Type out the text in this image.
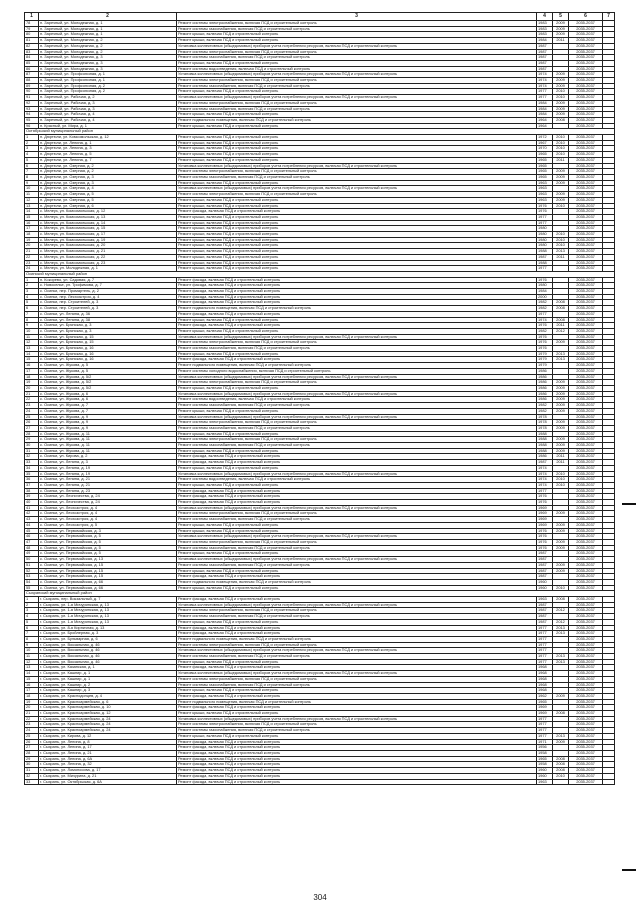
1	2	3	4	5	6	7
78	п. Заречный, ул. Молодежная, д. 1	Ремонт системы электроснабжения, включая ПСД и строительный контроль	1983	2009	2035-2037	
79	п. Заречный, ул. Молодежная, д. 1	Ремонт системы газоснабжения, включая ПСД и строительный контроль	1983	2009	2035-2037	
80	п. Заречный, ул. Молодежная, д. 1	Ремонт крыши, включая ПСД и строительный контроль	1983	2009	2035-2037	
81	п. Заречный, ул. Молодежная, д. 2	Ремонт крыши, включая ПСД и строительный контроль	1984	2011	2035-2037	
82	п. Заречный, ул. Молодежная, д. 2	Установка коллективных (общедомовых) приборов учета потребления ресурсов, включая ПСД и строительный контроль	1987		2035-2037	
83	п. Заречный, ул. Молодежная, д. 2	Ремонт системы электроснабжения, включая ПСД и строительный контроль	1987		2035-2037	
84	п. Заречный, ул. Молодежная, д. 3	Ремонт системы газоснабжения, включая ПСД и строительный контроль	1987		2035-2037	
85	п. Заречный, ул. Молодежная, д. 3	Ремонт крыши, включая ПСД и строительный контроль	1987		2035-2037	
86	п. Заречный, ул. Молодежная, д. 3	Ремонт системы водоотведения, включая ПСД и строительный контроль	1987		2035-2037	
87	п. Заречный, ул. Профсоюзная, д. 1	Установка коллективных (общедомовых) приборов учета потребления ресурсов, включая ПСД и строительный контроль	1974	2009	2035-2037	
88	п. Заречный, ул. Профсоюзная, д. 1	Ремонт системы электроснабжения, включая ПСД и строительный контроль	1974	2009	2035-2037	
89	п. Заречный, ул. Профсоюзная, д. 2	Ремонт системы газоснабжения, включая ПСД и строительный контроль	1974	2009	2035-2037	
90	п. Заречный, ул. Профсоюзная, д. 2	Ремонт крыши, включая ПСД и строительный контроль	1977	2010	2035-2037	
91	п. Заречный, ул. Рабочая, д. 2	Установка коллективных (общедомовых) приборов учета потребления ресурсов, включая ПСД и строительный контроль	1977	2010	2035-2037	
92	п. Заречный, ул. Рабочая, д. 3	Ремонт системы электроснабжения, включая ПСД и строительный контроль	1984	2009	2035-2037	
93	п. Заречный, ул. Рабочая, д. 3	Ремонт системы газоснабжения, включая ПСД и строительный контроль	1984	2009	2035-2037	
94	п. Заречный, ул. Рабочая, д. 4	Ремонт крыши, включая ПСД и строительный контроль	1984	2009	2035-2037	
95	п. Заречный, ул. Рабочая, д. 4	Ремонт подвального помещения, включая ПСД и строительный контроль	1964	2008	2035-2037	
96	п. Красный, ул. Мира, д. 1	Ремонт крыши, включая ПСД и строительный контроль	1964		2035-2037	
Октябрьский муниципальный район						
1	п. Дюртюли, ул. Комсомольская, д. 12	Ремонт крыши, включая ПСД и строительный контроль	1972	2010	2035-2037	
2	п. Дюртюли, ул. Ленина, д. 1	Ремонт крыши, включая ПСД и строительный контроль	1967	2010	2035-2037	
3	п. Дюртюли, ул. Ленина, д. 3	Ремонт крыши, включая ПСД и строительный контроль	1970	2010	2035-2037	
4	п. Дюртюли, ул. Ленина, д. 5	Ремонт крыши, включая ПСД и строительный контроль	1965	2010	2035-2037	
5	п. Дюртюли, ул. Ленина, д. 7	Ремонт крыши, включая ПСД и строительный контроль	1965	2011	2035-2037	
6	п. Дюртюли, ул. Озерная, д. 2	Установка коллективных (общедомовых) приборов учета потребления ресурсов, включая ПСД и строительный контроль	1965		2035-2037	
7	п. Дюртюли, ул. Озерная, д. 2	Ремонт системы электроснабжения, включая ПСД и строительный контроль	1965	2009	2035-2037	
8	п. Дюртюли, ул. Озерная, д. 3	Ремонт системы газоснабжения, включая ПСД и строительный контроль	1965	2009	2035-2037	
9	п. Дюртюли, ул. Озерная, д. 3	Ремонт крыши, включая ПСД и строительный контроль	1963	2009	2035-2037	
10	п. Дюртюли, ул. Озерная, д. 4	Установка коллективных (общедомовых) приборов учета потребления ресурсов, включая ПСД и строительный контроль	1963		2035-2037	
11	п. Дюртюли, ул. Озерная, д. 5	Ремонт системы электроснабжения, включая ПСД и строительный контроль	1963	2009	2035-2037	
12	п. Дюртюли, ул. Озерная, д. 5	Ремонт крыши, включая ПСД и строительный контроль	1963	2009	2035-2037	
13	п. Дюртюли, ул. Озерная, д. 6	Ремонт крыши, включая ПСД и строительный контроль	1976	2010	2035-2037	
14	с. Мелеуз, ул. Комсомольская, д. 12	Ремонт фасада, включая ПСД и строительный контроль	1976		2035-2037	
15	с. Мелеуз, ул. Комсомольская, д. 13	Ремонт крыши, включая ПСД и строительный контроль	1977		2035-2037	
16	с. Мелеуз, ул. Комсомольская, д. 14	Ремонт крыши, включая ПСД и строительный контроль	1977		2035-2037	
17	с. Мелеуз, ул. Комсомольская, д. 15	Ремонт крыши, включая ПСД и строительный контроль	1980		2035-2037	
18	с. Мелеуз, ул. Комсомольская, д. 17	Ремонт крыши, включая ПСД и строительный контроль	1980	2010	2035-2037	
19	с. Мелеуз, ул. Комсомольская, д. 19	Ремонт крыши, включая ПСД и строительный контроль	1980	2010	2035-2037	
20	с. Мелеуз, ул. Комсомольская, д. 20	Ремонт крыши, включая ПСД и строительный контроль	1980	2010	2035-2037	
21	с. Мелеуз, ул. Комсомольская, д. 21	Ремонт крыши, включая ПСД и строительный контроль	1988	2013	2035-2037	
22	с. Мелеуз, ул. Комсомольская, д. 22	Ремонт крыши, включая ПСД и строительный контроль	1987	2011	2035-2037	
23	с. Мелеуз, ул. Комсомольская, д. 23	Ремонт крыши, включая ПСД и строительный контроль	1988		2035-2037	
24	с. Мелеуз, ул. Молодежная, д. 1	Ремонт крыши, включая ПСД и строительный контроль	1977		2035-2037	
Осинский муниципальный район						
1	п. Кокорево, ул. Садовая, д. 7	Ремонт фасада, включая ПСД и строительный контроль	1976		2035-2037	
2	с. Новоселье, ул. Трофимова, д. 7	Ремонт фасада, включая ПСД и строительный контроль	1980		2035-2037	
3	с. Осинки, пер. Промартель, д. 2	Ремонт фасада, включая ПСД и строительный контроль	1984		2035-2037	
4	с. Осинки, пер. Лесхозстроя, д. 4	Ремонт фасада, включая ПСД и строительный контроль	2000		2035-2037	
5	с. Осинки, пер. Строителей, д. 3	Ремонт фасада, включая ПСД и строительный контроль	1982	2008	2035-2037	
6	с. Осинки, пер. Строителей, д. 3	Ремонт подвального помещения, включая ПСД и строительный контроль	1982	2008	2035-2037	
7	с. Осинки, ул. Ленина, д. 36	Ремонт фасада, включая ПСД и строительный контроль	1977		2035-2037	
8	с. Осинки, ул. Ленина, д. 38	Ремонт крыши, включая ПСД и строительный контроль	1974	2008	2035-2037	
9	с. Осинки, ул. Брянская, д. 3	Ремонт фасада, включая ПСД и строительный контроль	1976	2011	2035-2037	
10	с. Осинки, ул. Брянская, д. 3	Ремонт крыши, включая ПСД и строительный контроль	1982	2012	2035-2037	
11	с. Осинки, ул. Брянская, д. 15	Установка коллективных (общедомовых) приборов учета потребления ресурсов, включая ПСД и строительный контроль	1976		2035-2037	
12	с. Осинки, ул. Брянская, д. 15	Ремонт системы электроснабжения, включая ПСД и строительный контроль	1976	2009	2035-2037	
13	с. Осинки, ул. Брянская, д. 16	Ремонт системы газоснабжения, включая ПСД и строительный контроль	1976		2035-2037	
14	с. Осинки, ул. Брянская, д. 16	Ремонт крыши, включая ПСД и строительный контроль	1979	2013	2035-2037	
15	с. Осинки, ул. Брянская, д. 16	Ремонт фасада, включая ПСД и строительный контроль	1979	2013	2035-2037	
16	с. Осинки, ул. Жукова, д. 5	Ремонт подвального помещения, включая ПСД и строительный контроль	1979		2035-2037	
17	с. Осинки, ул. Жукова, д. 5	Ремонт системы холодного водоснабжения, включая ПСД и строительный контроль	1986		2035-2037	
18	с. Осинки, ул. Жукова, д. 5/2	Установка коллективных (общедомовых) приборов учета потребления ресурсов, включая ПСД и строительный контроль	1986		2035-2037	
19	с. Осинки, ул. Жукова, д. 5/2	Ремонт системы электроснабжения, включая ПСД и строительный контроль	1986	2009	2035-2037	
20	с. Осинки, ул. Жукова, д. 5/2	Ремонт крыши, включая ПСД и строительный контроль	1986	2009	2035-2037	
21	с. Осинки, ул. Жукова, д. 6	Установка коллективных (общедомовых) приборов учета потребления ресурсов, включая ПСД и строительный контроль	1986	2009	2035-2037	
22	с. Осинки, ул. Жукова, д. 6	Ремонт системы водоотведения, включая ПСД и строительный контроль	1986	2009	2035-2037	
23	с. Осинки, ул. Жукова, д. 7	Ремонт системы газоснабжения, включая ПСД и строительный контроль	1982	2009	2035-2037	
24	с. Осинки, ул. Жукова, д. 7	Ремонт крыши, включая ПСД и строительный контроль	1982	2009	2035-2037	
25	с. Осинки, ул. Жукова, д. 9	Установка коллективных (общедомовых) приборов учета потребления ресурсов, включая ПСД и строительный контроль	1978		2035-2037	
26	с. Осинки, ул. Жукова, д. 9	Ремонт системы электроснабжения, включая ПСД и строительный контроль	1978	2009	2035-2037	
27	с. Осинки, ул. Жукова, д. 9	Ремонт системы газоснабжения, включая ПСД и строительный контроль	1978	2009	2035-2037	
28	с. Осинки, ул. Жукова, д. 11	Ремонт крыши, включая ПСД и строительный контроль	1988		2035-2037	
29	с. Осинки, ул. Жукова, д. 11	Ремонт системы электроснабжения, включая ПСД и строительный контроль	1988	2009	2035-2037	
30	с. Осинки, ул. Жукова, д. 11	Ремонт системы газоснабжения, включая ПСД и строительный контроль	1988	2009	2035-2037	
31	с. Осинки, ул. Жукова, д. 11	Ремонт крыши, включая ПСД и строительный контроль	1988	2009	2035-2037	
32	с. Осинки, ул. Кирова, д. 2	Ремонт фасада, включая ПСД и строительный контроль	1986	2011	2035-2037	
33	с. Осинки, ул. Ленина, д. 3	Ремонт фасада, включая ПСД и строительный контроль	1987	2011	2035-2037	
34	с. Осинки, ул. Ленина, д. 19	Ремонт крыши, включая ПСД и строительный контроль	1974		2035-2037	
35	с. Осинки, ул. Ленина, д. 19	Установка коллективных (общедомовых) приборов учета потребления ресурсов, включая ПСД и строительный контроль	1974	2010	2035-2037	
36	с. Осинки, ул. Ленина, д. 21	Ремонт системы водоотведения, включая ПСД и строительный контроль	1974	2010	2035-2037	
37	с. Осинки, ул. Ленина, д. 21	Ремонт крыши, включая ПСД и строительный контроль	1974	2010	2035-2037	
38	с. Осинки, ул. Ленина, д. 23	Ремонт фасада, включая ПСД и строительный контроль	1977		2035-2037	
39	с. Осинки, ул. Лесничества, д. 24	Ремонт фасада, включая ПСД и строительный контроль	1976		2035-2037	
40	с. Осинки, ул. Лесничества, д. 24	Ремонт фасада, включая ПСД и строительный контроль	1976		2035-2037	
41	с. Осинки, ул. Лесхозстроя, д. 4	Установка коллективных (общедомовых) приборов учета потребления ресурсов, включая ПСД и строительный контроль	1969		2035-2037	
42	с. Осинки, ул. Лесхозстроя, д. 4	Ремонт системы электроснабжения, включая ПСД и строительный контроль	1969	2009	2035-2037	
43	с. Осинки, ул. Лесхозстроя, д. 4	Ремонт системы газоснабжения, включая ПСД и строительный контроль	1969		2035-2037	
44	с. Осинки, ул. Лесхозстроя, д. 5	Ремонт крыши, включая ПСД и строительный контроль	1969	2009	2035-2037	
45	с. Осинки, ул. Первомайская, д. 3	Ремонт крыши, включая ПСД и строительный контроль	1976	2009	2035-2037	
46	с. Осинки, ул. Первомайская, д. 5	Установка коллективных (общедомовых) приборов учета потребления ресурсов, включая ПСД и строительный контроль	1976		2035-2037	
47	с. Осинки, ул. Первомайская, д. 5	Ремонт системы электроснабжения, включая ПСД и строительный контроль	1976	2009	2035-2037	
48	с. Осинки, ул. Первомайская, д. 5	Ремонт системы газоснабжения, включая ПСД и строительный контроль	1976	2009	2035-2037	
49	с. Осинки, ул. Первомайская, д. 5	Ремонт крыши, включая ПСД и строительный контроль	1987		2035-2037	
50	с. Осинки, ул. Первомайская, д. 13	Установка коллективных (общедомовых) приборов учета потребления ресурсов, включая ПСД и строительный контроль	1987		2035-2037	
51	с. Осинки, ул. Первомайская, д. 15	Ремонт системы газоснабжения, включая ПСД и строительный контроль	1987	2009	2035-2037	
52	с. Осинки, ул. Первомайская, д. 15	Ремонт крыши, включая ПСД и строительный контроль	1987	2009	2035-2037	
53	с. Осинки, ул. Первомайская, д. 15	Ремонт фасада, включая ПСД и строительный контроль	1987		2035-2037	
54	с. Осинки, ул. Первомайская, д. 66	Ремонт подвального помещения, включая ПСД и строительный контроль	1960		2035-2037	
55	с. Осинки, ул. Первомайская, д. 66	Ремонт крыши, включая ПСД и строительный контроль	1960	2010	2035-2037	
Сызранский муниципальный район						
1	г. Сызрань, пер. Вокзальный, д. 7	Ремонт фасада, включая ПСД и строительный контроль	1963	2008	2035-2037	
2	г. Сызрань, ул. 1-я Мичуринская, д. 13	Установка коллективных (общедомовых) приборов учета потребления ресурсов, включая ПСД и строительный контроль	1987		2035-2037	
3	г. Сызрань, ул. 1-я Мичуринская, д. 13	Ремонт системы электроснабжения, включая ПСД и строительный контроль	1987	2012	2035-2037	
4	г. Сызрань, ул. 1-я Мичуринская, д. 13	Ремонт системы газоснабжения, включая ПСД и строительный контроль	1987		2035-2037	
5	г. Сызрань, ул. 1-я Мичуринская, д. 13	Ремонт крыши, включая ПСД и строительный контроль	1987	2012	2035-2037	
6	г. Сызрань, ул. 8-я Кирпичная, д. 13	Ремонт фасада, включая ПСД и строительный контроль	1977	2013	2035-2037	
7	г. Сызрань, ул. Бройлерная, д. 3	Ремонт фасада, включая ПСД и строительный контроль	1977	2013	2035-2037	
8	г. Сызрань, ул. Бульварная, д. 6	Ремонт подвального помещения, включая ПСД и строительный контроль	1977		2035-2037	
9	г. Сызрань, ул. Вокзальная, д. 46	Ремонт системы электроснабжения, включая ПСД и строительный контроль	1977		2035-2037	
10	г. Сызрань, ул. Вокзальная, д. 46	Установка коллективных (общедомовых) приборов учета потребления ресурсов, включая ПСД и строительный контроль	1977		2035-2037	
11	г. Сызрань, ул. Вокзальная, д. 46	Ремонт системы газоснабжения, включая ПСД и строительный контроль	1977	2013	2035-2037	
12	г. Сызрань, ул. Вокзальная, д. 46	Ремонт крыши, включая ПСД и строительный контроль	1977	2013	2035-2037	
13	г. Сызрань, ул. Казанская, д. 1	Ремонт фасада, включая ПСД и строительный контроль	1968		2035-2037	
14	г. Сызрань, ул. Кашпир, д. 1	Установка коллективных (общедомовых) приборов учета потребления ресурсов, включая ПСД и строительный контроль	1968		2035-2037	
15	г. Сызрань, ул. Кашпир, д. 1	Ремонт системы электроснабжения, включая ПСД и строительный контроль	1968		2035-2037	
16	г. Сызрань, ул. Кашпир, д. 2	Ремонт системы газоснабжения, включая ПСД и строительный контроль	1968		2035-2037	
17	г. Сызрань, ул. Кашпир, д. 3	Ремонт крыши, включая ПСД и строительный контроль	1968		2035-2037	
18	г. Сызрань, ул. Краснодонцев, д. 4	Ремонт фасада, включая ПСД и строительный контроль	1962	2009	2035-2037	
19	г. Сызрань, ул. Красноармейская, д. 6	Ремонт подвального помещения, включая ПСД и строительный контроль	1965		2035-2037	
20	г. Сызрань, ул. Красноармейская, д. 10	Ремонт фасада, включая ПСД и строительный контроль	1969		2035-2037	
21	г. Сызрань, ул. Красноармейская, д. 12	Ремонт крыши, включая ПСД и строительный контроль	1969	2008	2035-2037	
22	г. Сызрань, ул. Красноармейская, д. 24	Установка коллективных (общедомовых) приборов учета потребления ресурсов, включая ПСД и строительный контроль	1977		2035-2037	
23	г. Сызрань, ул. Красноармейская, д. 24	Ремонт системы электроснабжения, включая ПСД и строительный контроль	1977		2035-2037	
24	г. Сызрань, ул. Красноармейская, д. 24	Ремонт системы газоснабжения, включая ПСД и строительный контроль	1977		2035-2037	
25	г. Сызрань, ул. Кирова, д. 12	Ремонт крыши, включая ПСД и строительный контроль	1977	2013	2035-2037	
26	г. Сызрань, ул. Ленина, д. 8	Ремонт фасада, включая ПСД и строительный контроль	1971	2009	2035-2037	
27	г. Сызрань, ул. Ленина, д. 17	Ремонт фасада, включая ПСД и строительный контроль	1956		2035-2037	
28	г. Сызрань, ул. Ленина, д. 21	Ремонт фасада, включая ПСД и строительный контроль	1958		2035-2037	
29	г. Сызрань, ул. Ленина, д. 6А	Ремонт фасада, включая ПСД и строительный контроль	1965	2008	2035-2037	
30	г. Сызрань, ул. Ленина, д. 32	Ремонт фасада, включая ПСД и строительный контроль	1958	2008	2035-2037	
31	г. Сызрань, ул. Ломоносова, д. 17	Ремонт фасада, включая ПСД и строительный контроль	1960	2008	2035-2037	
32	г. Сызрань, ул. Мичурина, д. 21	Ремонт фасада, включая ПСД и строительный контроль	1960	2010	2035-2037	
33	г. Сызрань, ул. Октябрьская, д. 6А	Ремонт фасада, включая ПСД и строительный контроль	1963		2035-2037	
304
